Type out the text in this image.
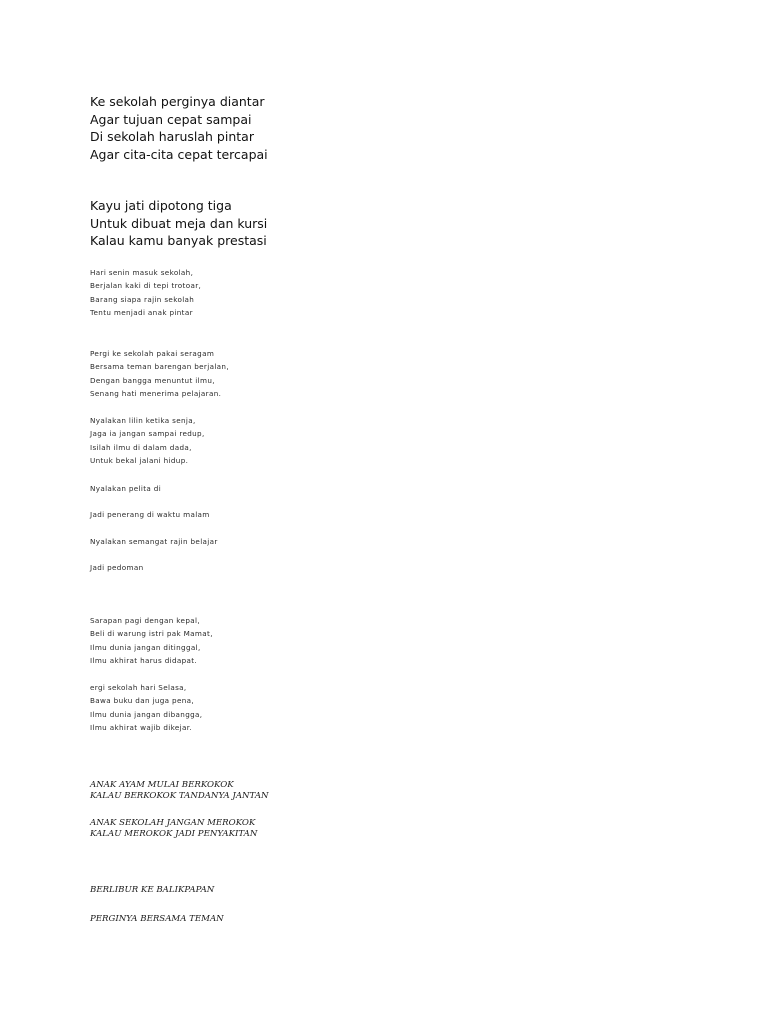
Ke sekolah perginya diantar
Agar tujuan cepat sampai
Di sekolah haruslah pintar
Agar cita-cita cepat tercapai
Kayu jati dipotong tiga
Untuk dibuat meja dan kursi
Kalau kamu banyak prestasi
Hari senin masuk sekolah,
Berjalan kaki di tepi trotoar,
Barang siapa rajin sekolah
Tentu menjadi anak pintar
Pergi ke sekolah pakai seragam
Bersama teman barengan berjalan,
Dengan bangga menuntut ilmu,
Senang hati menerima pelajaran.
Nyalakan lilin ketika senja,
Jaga ia jangan sampai redup,
Isilah ilmu di dalam dada,
Untuk bekal jalani hidup.
Nyalakan pelita di
Jadi penerang di waktu malam
Nyalakan semangat rajin belajar
Jadi pedoman
Sarapan pagi dengan kepal,
Beli di warung istri pak Mamat,
Ilmu dunia jangan ditinggal,
Ilmu akhirat harus didapat.
ergi sekolah hari Selasa,
Bawa buku dan juga pena,
Ilmu dunia jangan dibangga,
Ilmu akhirat wajib dikejar.
ANAK AYAM MULAI BERKOKOK
KALAU BERKOKOK TANDANYA JANTAN
ANAK SEKOLAH JANGAN MEROKOK
KALAU MEROKOK JADI PENYAKITAN
BERLIBUR KE BALIKPAPAN
PERGINYA BERSAMA TEMAN
